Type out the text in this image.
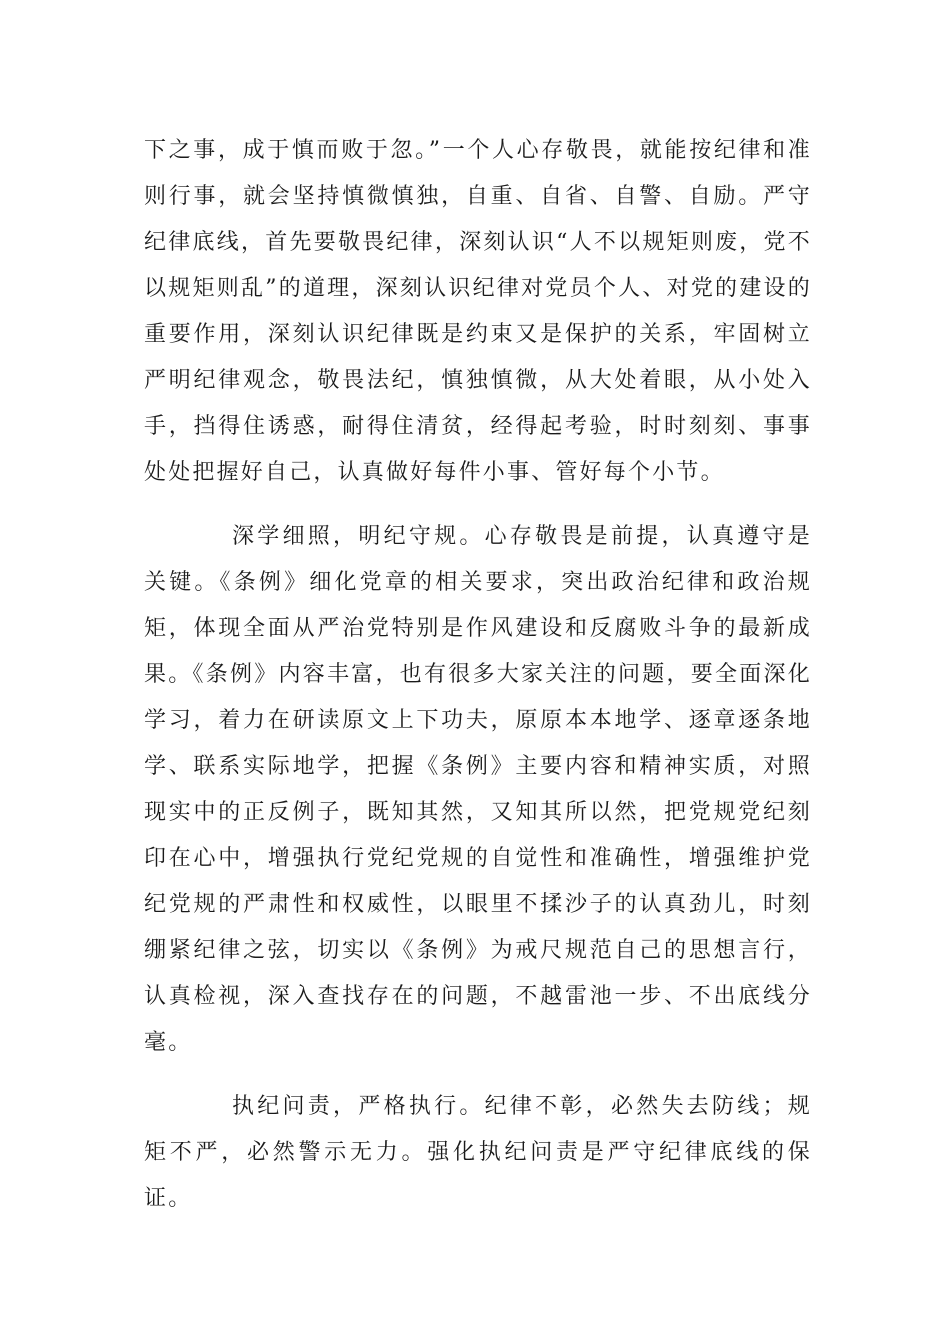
下之事，成于慎而败于忽。”一个人心存敬畏，就能按纪律和准则行事，就会坚持慎微慎独，自重、自省、自警、自励。严守纪律底线，首先要敬畏纪律，深刻认识“人不以规矩则废，党不以规矩则乱”的道理，深刻认识纪律对党员个人、对党的建设的重要作用，深刻认识纪律既是约束又是保护的关系，牢固树立严明纪律观念，敬畏法纪，慎独慎微，从大处着眼，从小处入手，挡得住诱惑，耐得住清贫，经得起考验，时时刻刻、事事处处把握好自己，认真做好每件小事、管好每个小节。

深学细照，明纪守规。心存敬畏是前提，认真遵守是关键。《条例》细化党章的相关要求，突出政治纪律和政治规矩，体现全面从严治党特别是作风建设和反腐败斗争的最新成果。《条例》内容丰富，也有很多大家关注的问题，要全面深化学习，着力在研读原文上下功夫，原原本本地学、逐章逐条地学、联系实际地学，把握《条例》主要内容和精神实质，对照现实中的正反例子，既知其然，又知其所以然，把党规党纪刻印在心中，增强执行党纪党规的自觉性和准确性，增强维护党纪党规的严肃性和权威性，以眼里不揉沙子的认真劲儿，时刻绷紧纪律之弦，切实以《条例》为戒尺规范自己的思想言行，认真检视，深入查找存在的问题，不越雷池一步、不出底线分毫。

执纪问责，严格执行。纪律不彰，必然失去防线；规矩不严，必然警示无力。强化执纪问责是严守纪律底线的保证。
